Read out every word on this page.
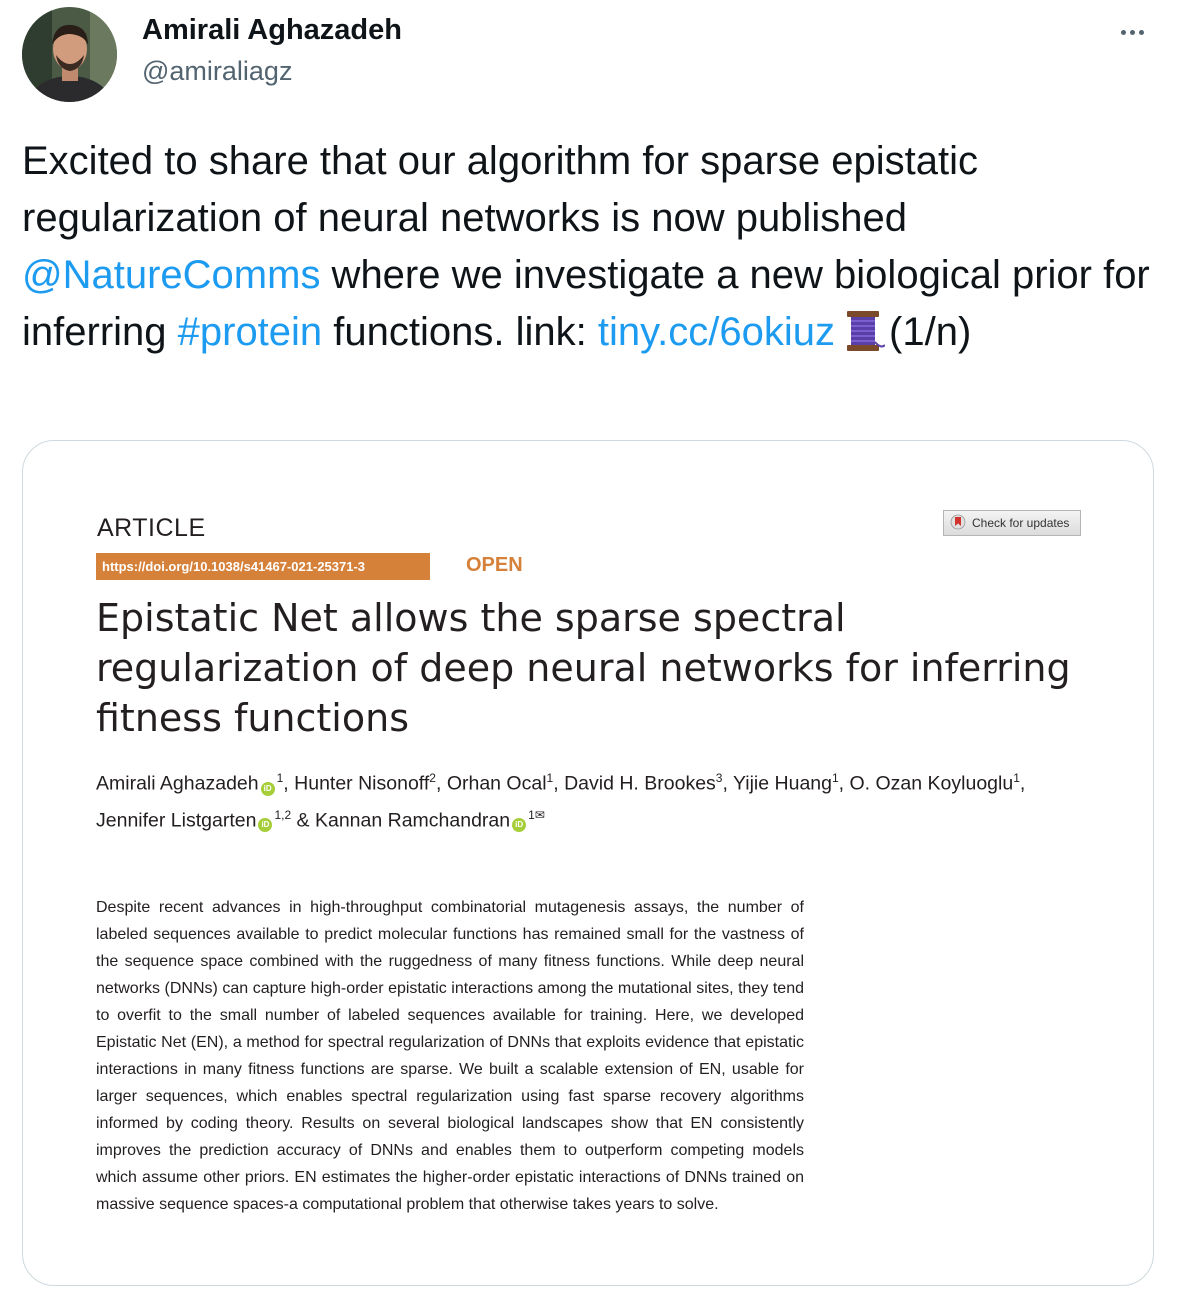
Amirali Aghazadeh
@amiraliagz
Excited to share that our algorithm for sparse epistatic regularization of neural networks is now published @NatureComms where we investigate a new biological prior for inferring #protein functions. link: tiny.cc/6okiuz (1/n)
ARTICLE	Check for updates
https://doi.org/10.1038/s41467-021-25371-3	OPEN
Epistatic Net allows the sparse spectral regularization of deep neural networks for inferring fitness functions
Amirali Aghazadeh $iD^1$, Hunter Nisonoff$^2$, Orhan Ocal$^1$, David H. Brookes$^3$, Yijie Huang$^1$, O. Ozan Koyluoglu$^1$,
Jennifer Listgarten iD$^{1,2}$ & Kannan Ramchandran $iD^{1✉}$

Despite recent advances in high-throughput combinatorial mutagenesis assays, the number of labeled sequences available to predict molecular functions has remained small for the vastness of the sequence space combined with the ruggedness of many fitness functions. While deep neural networks (DNNs) can capture high-order epistatic interactions among the mutational sites, they tend to overfit to the small number of labeled sequences available for training. Here, we developed Epistatic Net (EN), a method for spectral regularization of DNNs that exploits evidence that epistatic interactions in many fitness functions are sparse. We built a scalable extension of EN, usable for larger sequences, which enables spectral regularization using fast sparse recovery algorithms informed by coding theory. Results on several biological landscapes show that EN consistently improves the prediction accuracy of DNNs and enables them to outperform competing models which assume other priors. EN estimates the higher-order epistatic interactions of DNNs trained on massive sequence spaces-a computational problem that otherwise takes years to solve.
